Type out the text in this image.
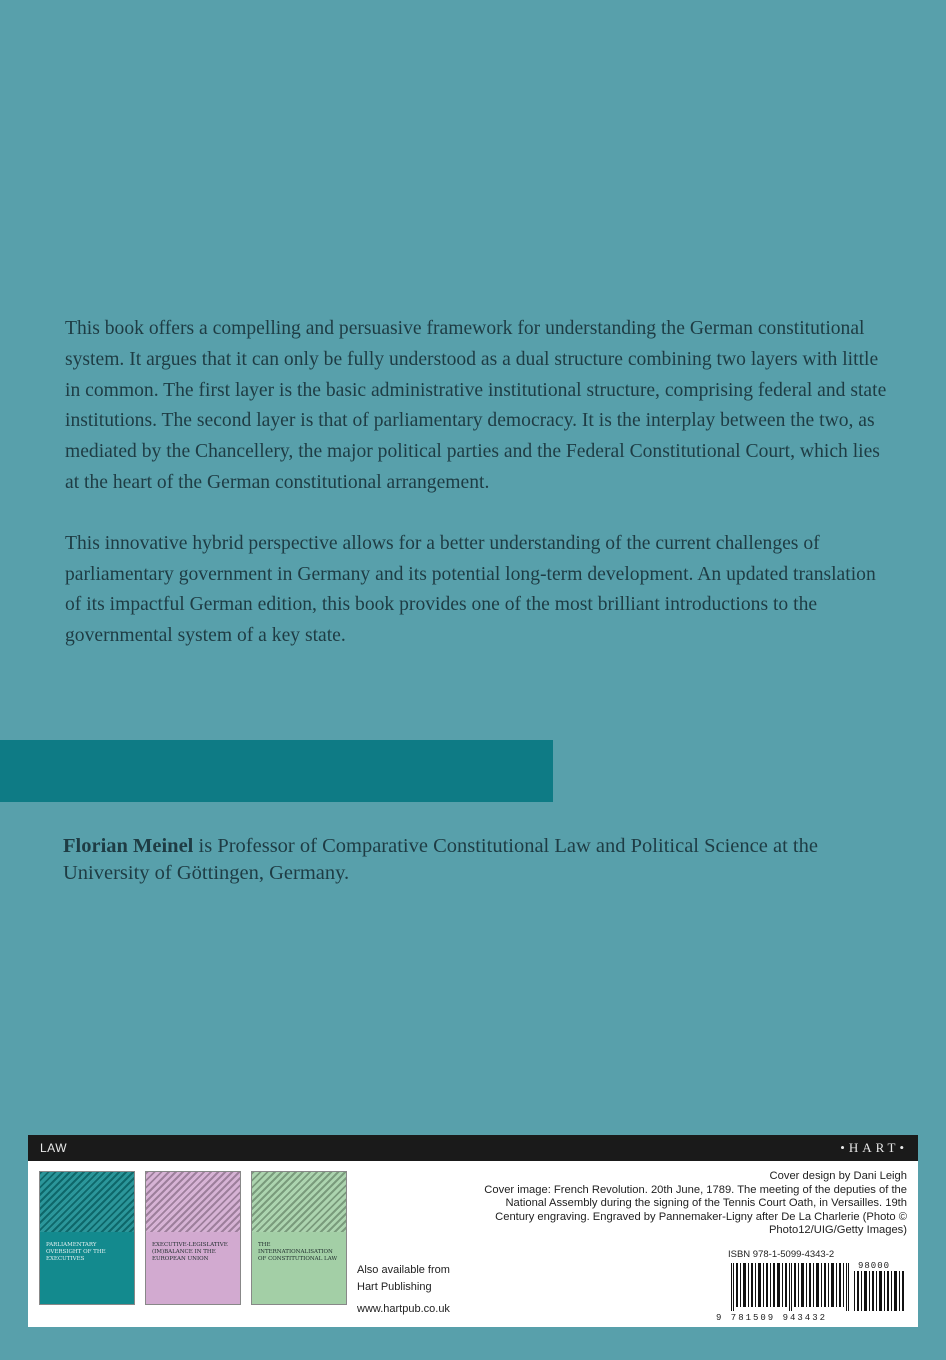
This book offers a compelling and persuasive framework for understanding the German constitutional system. It argues that it can only be fully understood as a dual structure combining two layers with little in common. The first layer is the basic administrative institutional structure, comprising federal and state institutions. The second layer is that of parliamentary democracy. It is the interplay between the two, as mediated by the Chancellery, the major political parties and the Federal Constitutional Court, which lies at the heart of the German constitutional arrangement.

This innovative hybrid perspective allows for a better understanding of the current challenges of parliamentary government in Germany and its potential long-term development. An updated translation of its impactful German edition, this book provides one of the most brilliant introductions to the governmental system of a key state.

Florian Meinel is Professor of Comparative Constitutional Law and Political Science at the University of Göttingen, Germany.
LAW	•HART•
PARLIAMENTARY OVERSIGHT OF THE EXECUTIVES
EXECUTIVE-LEGISLATIVE (IM)BALANCE IN THE EUROPEAN UNION
THE INTERNATIONALISATION OF CONSTITUTIONAL LAW
Also available from
Hart Publishing
www.hartpub.co.uk
Cover design by Dani Leigh
Cover image: French Revolution. 20th June, 1789. The meeting of the deputies of the National Assembly during the signing of the Tennis Court Oath, in Versailles. 19th Century engraving. Engraved by Pannemaker-Ligny after De La Charlerie (Photo © Photo12/UIG/Getty Images)
ISBN 978-1-5099-4343-2
98000
9 781509 943432
